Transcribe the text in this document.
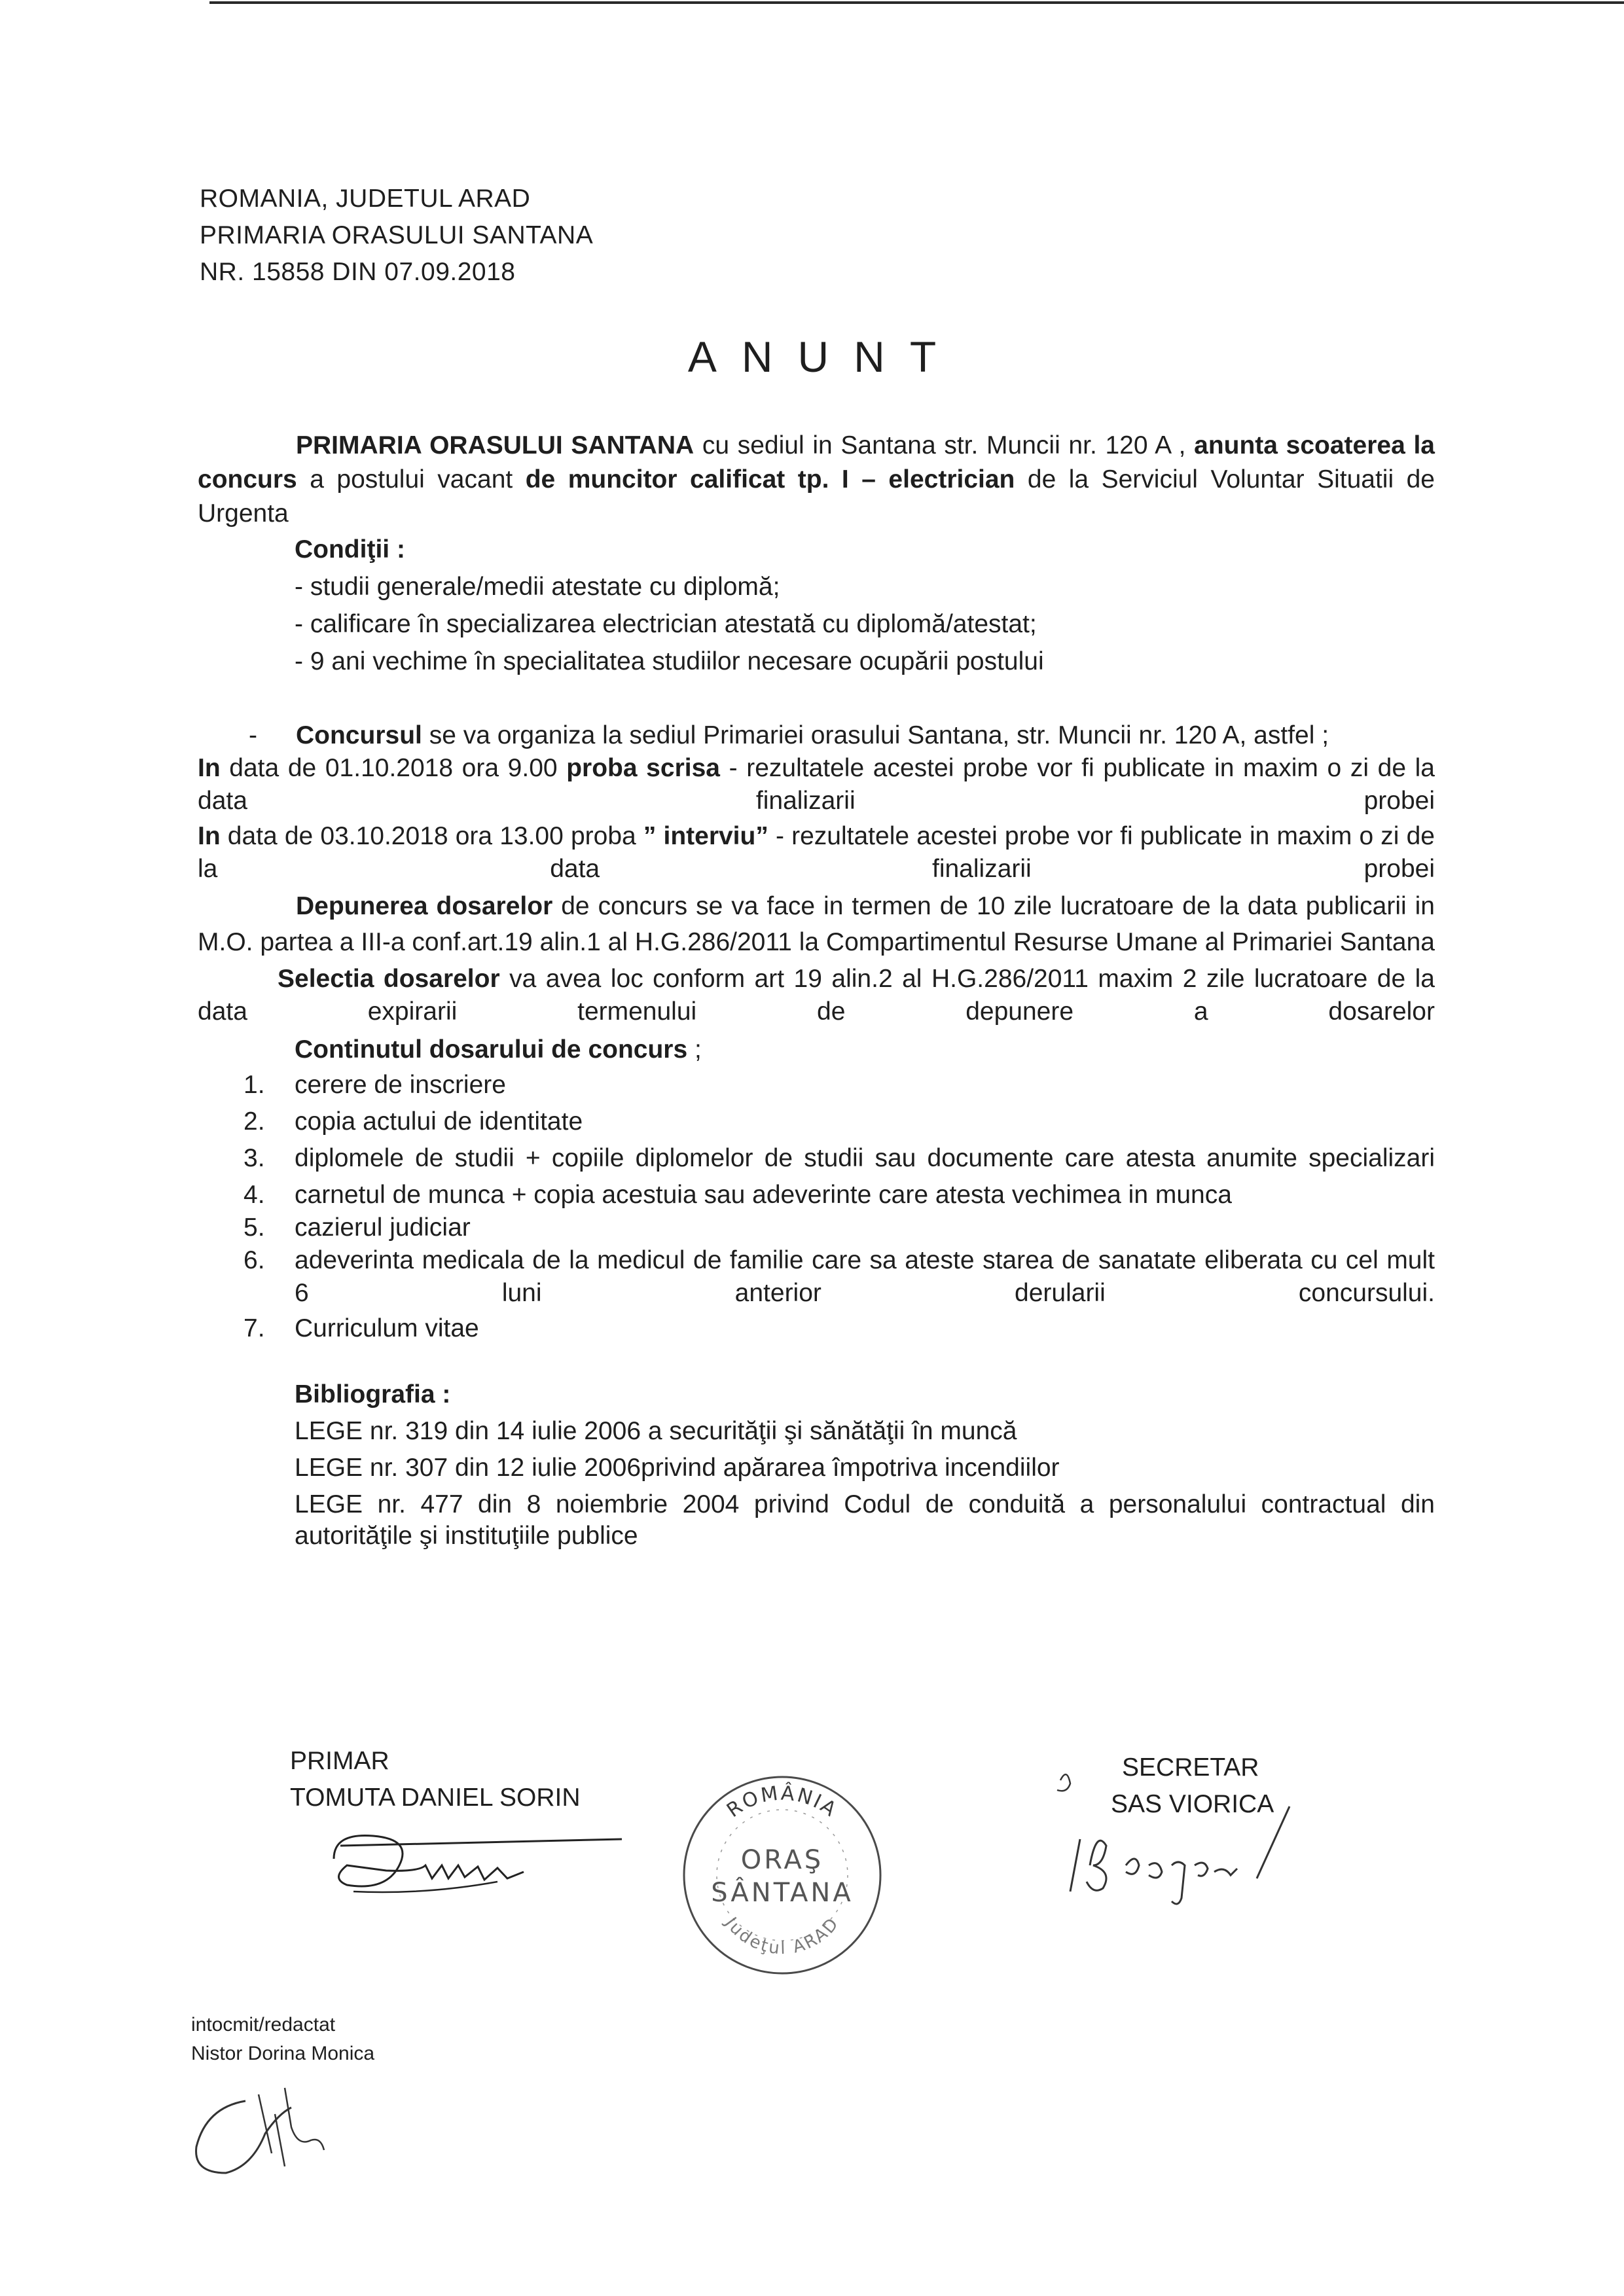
ROMANIA, JUDETUL ARAD
PRIMARIA ORASULUI SANTANA
NR. 15858 DIN 07.09.2018
ANUNT

PRIMARIA ORASULUI SANTANA cu sediul in Santana str. Muncii nr. 120 A , anunta scoaterea la concurs a postului vacant de muncitor calificat tp. I – electrician de la Serviciul Voluntar Situatii de Urgenta

Condiţii :
- studii generale/medii atestate cu diplomă;
- calificare în specializarea electrician atestată cu diplomă/atestat;
- 9 ani vechime în specialitatea studiilor necesare ocupării postului
- Concursul se va organiza la sediul Primariei orasului Santana, str. Muncii nr. 120 A, astfel ;

In data de 01.10.2018 ora 9.00 proba scrisa - rezultatele acestei probe vor fi publicate in maxim o zi de la data finalizarii probei

In data de 03.10.2018 ora 13.00 proba ” interviu” - rezultatele acestei probe vor fi publicate in maxim o zi de la data finalizarii probei

Depunerea dosarelor de concurs se va face in termen de 10 zile lucratoare de la data publicarii in M.O. partea a III-a conf.art.19 alin.1 al H.G.286/2011 la Compartimentul Resurse Umane al Primariei Santana

Selectia dosarelor va avea loc conform art 19 alin.2 al H.G.286/2011 maxim 2 zile lucratoare de la data expirarii termenului de depunere a dosarelor

Continutul dosarului de concurs ;
1. cerere de inscriere
2. copia actului de identitate
3. diplomele de studii + copiile diplomelor de studii sau documente care atesta anumite specializari
4. carnetul de munca + copia acestuia sau adeverinte care atesta vechimea in munca
5. cazierul judiciar
6. adeverinta medicala de la medicul de familie care sa ateste starea de sanatate eliberata cu cel mult 6 luni anterior derularii concursului.
7. Curriculum vitae
Bibliografia :
LEGE nr. 319 din 14 iulie 2006 a securităţii şi sănătăţii în muncă
LEGE nr. 307 din 12 iulie 2006privind apărarea împotriva incendiilor
LEGE nr. 477 din 8 noiembrie 2004 privind Codul de conduită a personalului contractual din autorităţile şi instituţiile publice
PRIMAR
TOMUTA DANIEL SORIN	ROMÂNIA
ORAŞ
SÂNTANA
Judeţul ARAD
SECRETAR
SAS VIORICA
intocmit/redactat
Nistor Dorina Monica
